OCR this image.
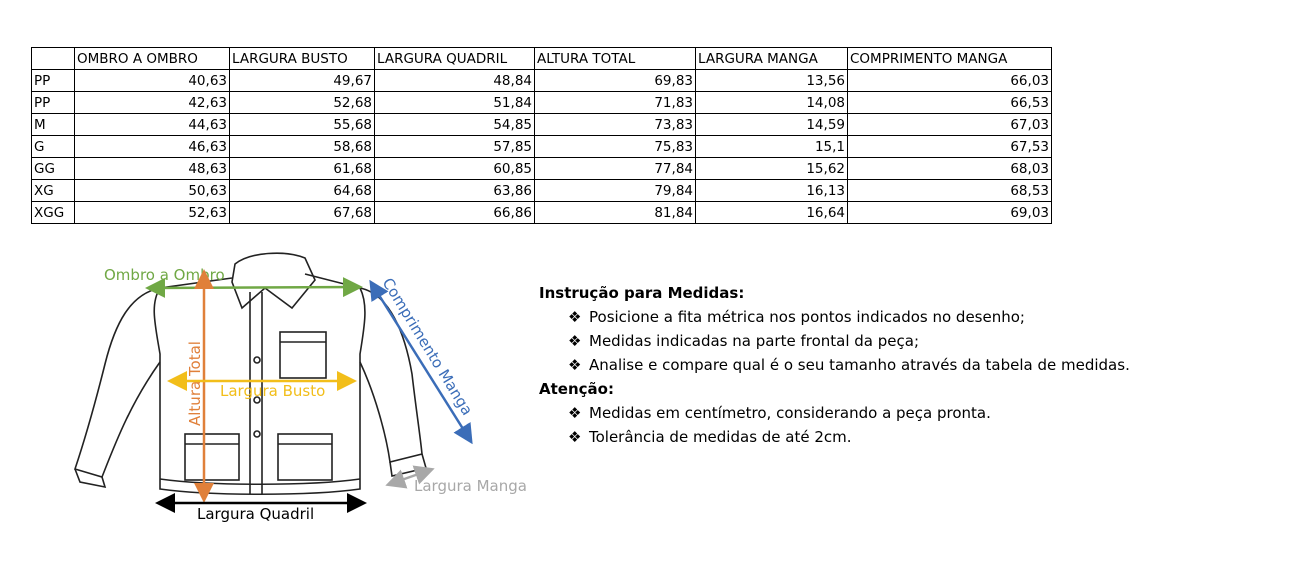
	OMBRO A OMBRO	LARGURA BUSTO	LARGURA QUADRIL	ALTURA TOTAL	LARGURA MANGA	COMPRIMENTO MANGA
PP	40,63	49,67	48,84	69,83	13,56	66,03
PP	42,63	52,68	51,84	71,83	14,08	66,53
M	44,63	55,68	54,85	73,83	14,59	67,03
G	46,63	58,68	57,85	75,83	15,1	67,53
GG	48,63	61,68	60,85	77,84	15,62	68,03
XG	50,63	64,68	63,86	79,84	16,13	68,53
XGG	52,63	67,68	66,86	81,84	16,64	69,03
Ombro a Ombro
Altura Total Largura Busto	Comprimento Manga
Largura Manga
Largura Quadril
Instrução para Medidas:
❖ Posicione a fita métrica nos pontos indicados no desenho;
❖ Medidas indicadas na parte frontal da peça;
❖ Analise e compare qual é o seu tamanho através da tabela de medidas.
Atenção:
❖ Medidas em centímetro, considerando a peça pronta.
❖ Tolerância de medidas de até 2cm.
